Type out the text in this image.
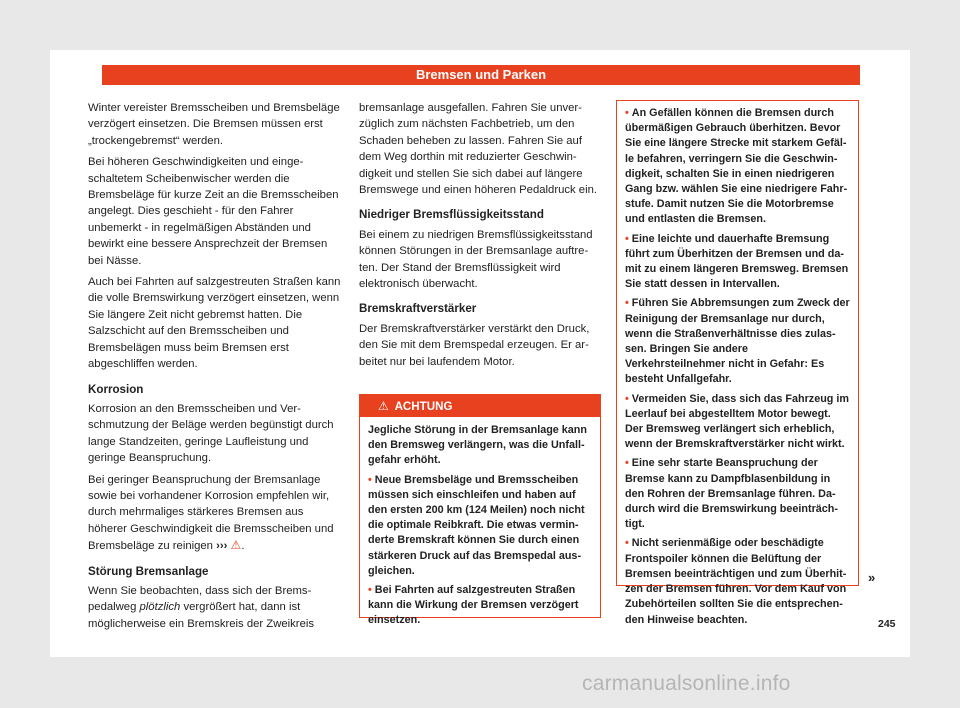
Bremsen und Parken

Winter vereister Bremsscheiben und Bremsbeläge verzögert einsetzen. Die Bremsen müssen erst „trockengebremst“ werden.

Bei höheren Geschwindigkeiten und eingeschaltetem Scheibenwischer werden die Bremsbeläge für kurze Zeit an die Bremsscheiben angelegt. Dies geschieht - für den Fahrer unbemerkt - in regelmäßigen Abständen und bewirkt eine bessere Ansprechzeit der Bremsen bei Nässe.

Auch bei Fahrten auf salzgestreuten Straßen kann die volle Bremswirkung verzögert einsetzen, wenn Sie längere Zeit nicht gebremst hatten. Die Salzschicht auf den Bremsscheiben und Bremsbelägen muss beim Bremsen erst abgeschliffen werden.

Korrosion

Korrosion an den Bremsscheiben und Verschmutzung der Beläge werden begünstigt durch lange Standzeiten, geringe Laufleistung und geringe Beanspruchung.

Bei geringer Beanspruchung der Bremsanlage sowie bei vorhandener Korrosion empfehlen wir, durch mehrmaliges stärkeres Bremsen aus höherer Geschwindigkeit die Bremsscheiben und Bremsbeläge zu reinigen ››› ⚠.

Störung Bremsanlage

Wenn Sie beobachten, dass sich der Bremspedalweg plötzlich vergrößert hat, dann ist möglicherweise ein Bremskreis der Zweikreis

bremsanlage ausgefallen. Fahren Sie unverzüglich zum nächsten Fachbetrieb, um den Schaden beheben zu lassen. Fahren Sie auf dem Weg dorthin mit reduzierter Geschwindigkeit und stellen Sie sich dabei auf längere Bremswege und einen höheren Pedaldruck ein.

Niedriger Bremsflüssigkeitsstand

Bei einem zu niedrigen Bremsflüssigkeitsstand können Störungen in der Bremsanlage auftreten. Der Stand der Bremsflüssigkeit wird elektronisch überwacht.

Bremskraftverstärker

Der Bremskraftverstärker verstärkt den Druck, den Sie mit dem Bremspedal erzeugen. Er arbeitet nur bei laufendem Motor.

⚠ ACHTUNG

Jegliche Störung in der Bremsanlage kann den Bremsweg verlängern, was die Unfallgefahr erhöht.

• Neue Bremsbeläge und Bremsscheiben müssen sich einschleifen und haben auf den ersten 200 km (124 Meilen) noch nicht die optimale Reibkraft. Die etwas verminderte Bremskraft können Sie durch einen stärkeren Druck auf das Bremspedal ausgleichen.

• Bei Fahrten auf salzgestreuten Straßen kann die Wirkung der Bremsen verzögert einsetzen.

• An Gefällen können die Bremsen durch übermäßigen Gebrauch überhitzen. Bevor Sie eine längere Strecke mit starkem Gefälle befahren, verringern Sie die Geschwindigkeit, schalten Sie in einen niedrigeren Gang bzw. wählen Sie eine niedrigere Fahrstufe. Damit nutzen Sie die Motorbremse und entlasten die Bremsen.

• Eine leichte und dauerhafte Bremsung führt zum Überhitzen der Bremsen und damit zu einem längeren Bremsweg. Bremsen Sie statt dessen in Intervallen.

• Führen Sie Abbremsungen zum Zweck der Reinigung der Bremsanlage nur durch, wenn die Straßenverhältnisse dies zulassen. Bringen Sie andere Verkehrsteilnehmer nicht in Gefahr: Es besteht Unfallgefahr.

• Vermeiden Sie, dass sich das Fahrzeug im Leerlauf bei abgestelltem Motor bewegt. Der Bremsweg verlängert sich erheblich, wenn der Bremskraftverstärker nicht wirkt.

• Eine sehr starte Beanspruchung der Bremse kann zu Dampfblasenbildung in den Rohren der Bremsanlage führen. Dadurch wird die Bremswirkung beeinträchtigt.

• Nicht serienmäßige oder beschädigte Frontspoiler können die Belüftung der Bremsen beeinträchtigen und zum Überhitzen der Bremsen führen. Vor dem Kauf von Zubehörteilen sollten Sie die entsprechenden Hinweise beachten.

»
245
carmanualsonline.info
